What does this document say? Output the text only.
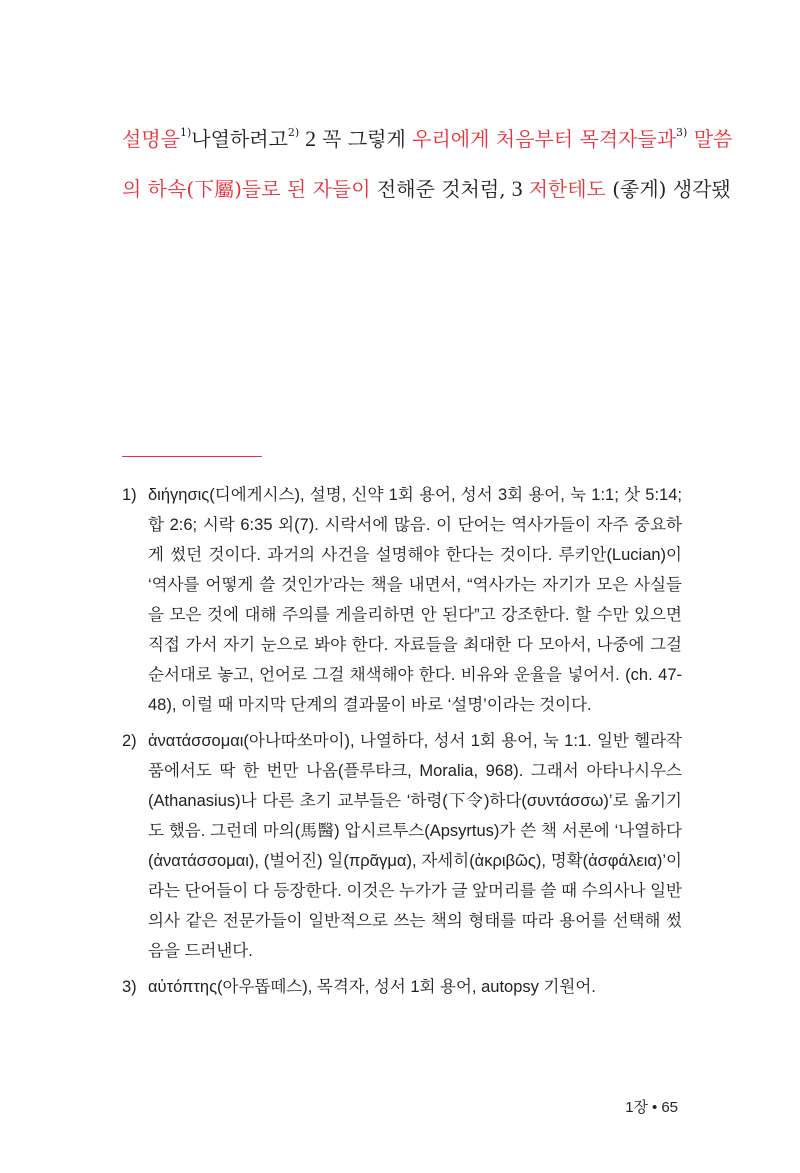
설명을$^{1)}$나열하려고$^{2)}$ 2 꼭 그렇게 우리에게 처음부터 목격자들과$^{3)}$ 말씀
의 하속(下屬)들로 된 자들이 전해준 것처럼, 3 저한테도 (좋게) 생각됐
1) διήγησις(디에게시스), 설명, 신약 1회 용어, 성서 3회 용어, 눅 1:1; 삿 5:14; 합 2:6; 시락 6:35 외(7). 시락서에 많음. 이 단어는 역사가들이 자주 중요하게 썼던 것이다. 과거의 사건을 설명해야 한다는 것이다. 루키안(Lucian)이 ‘역사를 어떻게 쓸 것인가’라는 책을 내면서, “역사가는 자기가 모은 사실들을 모은 것에 대해 주의를 게을리하면 안 된다”고 강조한다. 할 수만 있으면 직접 가서 자기 눈으로 봐야 한다. 자료들을 최대한 다 모아서, 나중에 그걸 순서대로 놓고, 언어로 그걸 채색해야 한다. 비유와 운율을 넣어서. (ch. 47-48), 이럴 때 마지막 단계의 결과물이 바로 ‘설명’이라는 것이다.
2) ἀνατάσσομαι(아나따쏘마이), 나열하다, 성서 1회 용어, 눅 1:1. 일반 헬라작품에서도 딱 한 번만 나옴(플루타크, Moralia, 968). 그래서 아타나시우스(Athanasius)나 다른 초기 교부들은 ‘하령(下令)하다(συντάσσω)’로 옮기기도 했음. 그런데 마의(馬醫) 압시르투스(Apsyrtus)가 쓴 책 서론에 ‘나열하다(ἀνατάσσομαι), (벌어진) 일(πρᾶγμα), 자세히(ἀκριβῶς), 명확(ἀσφάλεια)’이라는 단어들이 다 등장한다. 이것은 누가가 글 앞머리를 쓸 때 수의사나 일반의사 같은 전문가들이 일반적으로 쓰는 책의 형태를 따라 용어를 선택해 썼음을 드러낸다.
3) αὐτόπτης(아우똡떼스), 목격자, 성서 1회 용어, autopsy 기원어.
1장 • 65
